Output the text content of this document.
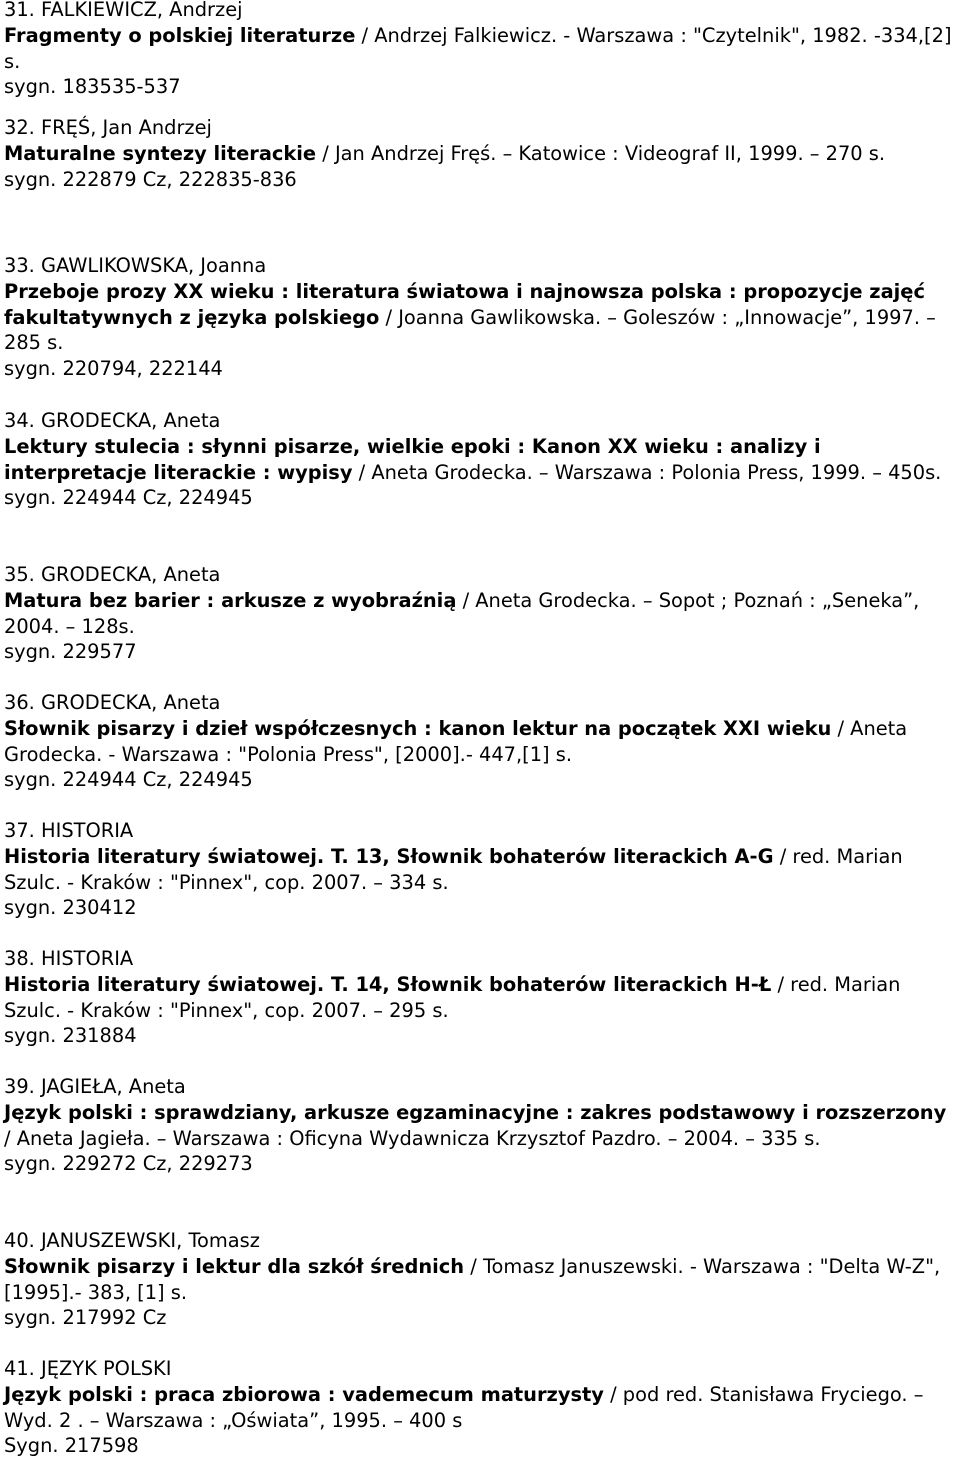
31. FALKIEWICZ, Andrzej

Fragmenty o polskiej literaturze / Andrzej Falkiewicz. - Warszawa : "Czytelnik", 1982. -334,[2] s.

sygn. 183535-537

32. FRĘŚ, Jan Andrzej

Maturalne syntezy literackie / Jan Andrzej Fręś. – Katowice : Videograf II, 1999. – 270 s.

sygn. 222879 Cz, 222835-836

33. GAWLIKOWSKA, Joanna

Przeboje prozy XX wieku : literatura światowa i najnowsza polska : propozycje zajęć fakultatywnych z języka polskiego / Joanna Gawlikowska. – Goleszów : „Innowacje”, 1997. – 285 s.

sygn. 220794, 222144

34. GRODECKA, Aneta

Lektury stulecia : słynni pisarze, wielkie epoki : Kanon XX wieku : analizy i interpretacje literackie : wypisy / Aneta Grodecka. – Warszawa : Polonia Press, 1999. – 450s.

sygn. 224944 Cz, 224945

35. GRODECKA, Aneta

Matura bez barier : arkusze z wyobraźnią / Aneta Grodecka. – Sopot ; Poznań : „Seneka”, 2004. – 128s.

sygn. 229577

36. GRODECKA, Aneta

Słownik pisarzy i dzieł współczesnych : kanon lektur na początek XXI wieku / Aneta Grodecka. - Warszawa : "Polonia Press", [2000].- 447,[1] s.

sygn. 224944 Cz, 224945

37. HISTORIA

Historia literatury światowej. T. 13, Słownik bohaterów literackich A-G / red. Marian Szulc. - Kraków : "Pinnex", cop. 2007. – 334 s.

sygn. 230412

38. HISTORIA

Historia literatury światowej. T. 14, Słownik bohaterów literackich H-Ł / red. Marian Szulc. - Kraków : "Pinnex", cop. 2007. – 295 s.

sygn. 231884

39. JAGIEŁA, Aneta

Język polski : sprawdziany, arkusze egzaminacyjne : zakres podstawowy i rozszerzony / Aneta Jagieła. – Warszawa : Oficyna Wydawnicza Krzysztof Pazdro. – 2004. – 335 s.

sygn. 229272 Cz, 229273

40. JANUSZEWSKI, Tomasz

Słownik pisarzy i lektur dla szkół średnich / Tomasz Januszewski. - Warszawa : "Delta W-Z", [1995].- 383, [1] s.

sygn. 217992 Cz

41. JĘZYK POLSKI

Język polski : praca zbiorowa : vademecum maturzysty / pod red. Stanisława Fryciego. – Wyd. 2 . – Warszawa : „Oświata”, 1995. – 400 s

Sygn. 217598
